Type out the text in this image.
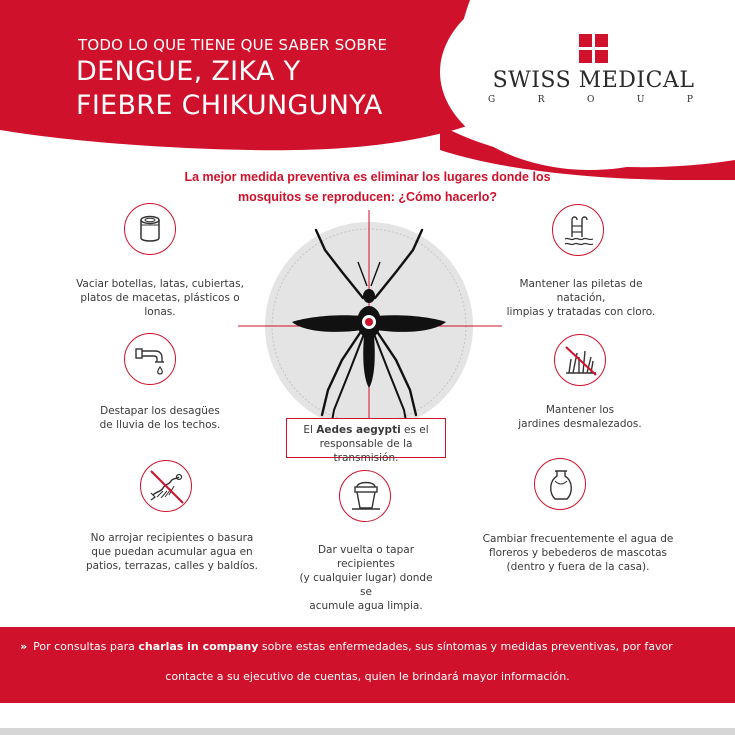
TODO LO QUE TIENE QUE SABER SOBRE
DENGUE, ZIKA Y
FIEBRE CHIKUNGUNYA
SWISS MEDICAL
G	R	O	U	P
La mejor medida preventiva es eliminar los lugares donde los
mosquitos se reproducen: ¿Cómo hacerlo?
El Aedes aegypti es el
responsable de la transmisión.
Vaciar botellas, latas, cubiertas,
platos de macetas, plásticos o lonas.
Destapar los desagües
de lluvia de los techos.
No arrojar recipientes o basura
que puedan acumular agua en
patios, terrazas, calles y baldíos.
Dar vuelta o tapar recipientes
(y cualquier lugar) donde se
acumule agua limpia.
Mantener las piletas de natación,
limpias y tratadas con cloro.
Mantener los
jardines desmalezados.
Cambiar frecuentemente el agua de
floreros y bebederos de mascotas
(dentro y fuera de la casa).
» Por consultas para charlas in company sobre estas enfermedades, sus síntomas y medidas preventivas, por favor
contacte a su ejecutivo de cuentas, quien le brindará mayor información.
